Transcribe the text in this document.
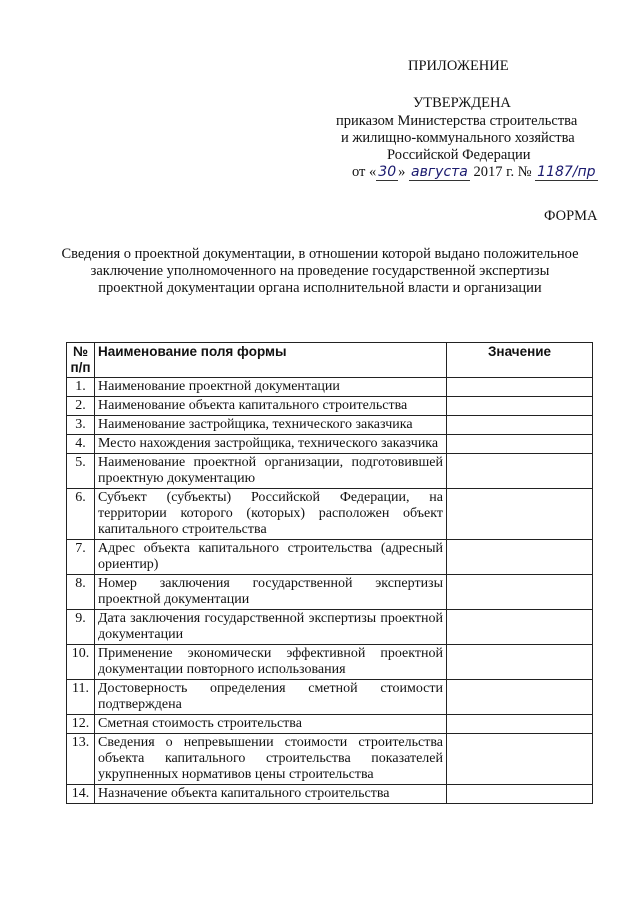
ПРИЛОЖЕНИЕ
УТВЕРЖДЕНА
приказом Министерства строительства
и жилищно-коммунального хозяйства
Российской Федерации
от « 30 » августа 2017 г. № 1187/пр
ФОРМА
Сведения о проектной документации, в отношении которой выдано положительное заключение уполномоченного на проведение государственной экспертизы проектной документации органа исполнительной власти и организации
№ п/п	Наименование поля формы	Значение
1.	Наименование проектной документации	
2.	Наименование объекта капитального строительства	
3.	Наименование застройщика, технического заказчика	
4.	Место нахождения застройщика, технического заказчика	
5.	Наименование проектной организации, подготовившей проектную документацию	
6.	Субъект (субъекты) Российской Федерации, на территории которого (которых) расположен объект капитального строительства	
7.	Адрес объекта капитального строительства (адресный ориентир)	
8.	Номер заключения государственной экспертизы проектной документации	
9.	Дата заключения государственной экспертизы проектной документации	
10.	Применение экономически эффективной проектной документации повторного использования	
11.	Достоверность определения сметной стоимости подтверждена	
12.	Сметная стоимость строительства	
13.	Сведения о непревышении стоимости строительства объекта капитального строительства показателей укрупненных нормативов цены строительства	
14.	Назначение объекта капитального строительства	
